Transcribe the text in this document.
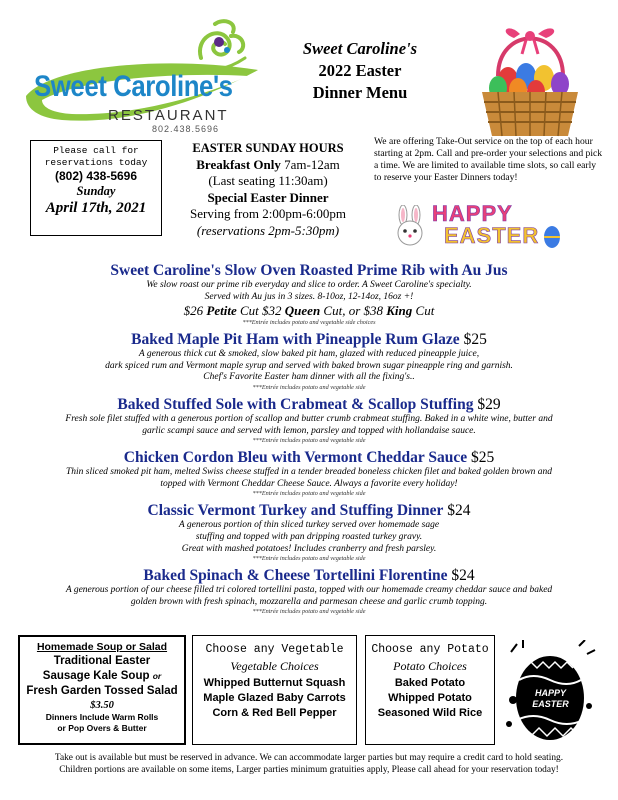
Sweet Caroline's
RESTAURANT
802.438.5696
Sweet Caroline's
2022 Easter
Dinner Menu
Please call for
reservations today
(802) 438-5696
Sunday
April 17th, 2021
EASTER SUNDAY HOURS
Breakfast Only 7am-12am
(Last seating 11:30am)
Special Easter Dinner
Serving from 2:00pm-6:00pm
(reservations 2pm-5:30pm)
We are offering Take-Out service on the top of each hour starting at 2pm. Call and pre-order your selections and pick a time. We are limited to available time slots, so call early to reserve your Easter Dinners today!
HAPPY
EASTER
Sweet Caroline's Slow Oven Roasted Prime Rib with Au Jus
We slow roast our prime rib everyday and slice to order. A Sweet Caroline's specialty.
Served with Au jus in 3 sizes. 8-10oz, 12-14oz, 16oz +!
$26 Petite Cut $32 Queen Cut, or $38 King Cut
***Entrée includes potato and vegetable side choices
Baked Maple Pit Ham with Pineapple Rum Glaze $25
A generous thick cut & smoked, slow baked pit ham, glazed with reduced pineapple juice,
dark spiced rum and Vermont maple syrup and served with baked brown sugar pineapple ring and garnish.
Chef's Favorite Easter ham dinner with all the fixing's..
***Entrée includes potato and vegetable side
Baked Stuffed Sole with Crabmeat & Scallop Stuffing $29
Fresh sole filet stuffed with a generous portion of scallop and butter crumb crabmeat stuffing. Baked in a white wine, butter and
garlic scampi sauce and served with lemon, parsley and topped with hollandaise sauce.
***Entrée includes potato and vegetable side
Chicken Cordon Bleu with Vermont Cheddar Sauce $25
Thin sliced smoked pit ham, melted Swiss cheese stuffed in a tender breaded boneless chicken filet and baked golden brown and
topped with Vermont Cheddar Cheese Sauce. Always a favorite every holiday!
***Entrée includes potato and vegetable side
Classic Vermont Turkey and Stuffing Dinner $24
A generous portion of thin sliced turkey served over homemade sage
stuffing and topped with pan dripping roasted turkey gravy.
Great with mashed potatoes! Includes cranberry and fresh parsley.
***Entrée includes potato and vegetable side
Baked Spinach & Cheese Tortellini Florentine $24
A generous portion of our cheese filled tri colored tortellini pasta, topped with our homemade creamy cheddar sauce and baked
golden brown with fresh spinach, mozzarella and parmesan cheese and garlic crumb topping.
***Entrée includes potato and vegetable side
Homemade Soup or Salad
Traditional Easter
Sausage Kale Soup or
Fresh Garden Tossed Salad
$3.50
Dinners Include Warm Rolls
or Pop Overs & Butter
Choose any Vegetable
Vegetable Choices
Whipped Butternut Squash
Maple Glazed Baby Carrots
Corn & Red Bell Pepper
Choose any Potato
Potato Choices
Baked Potato
Whipped Potato
Seasoned Wild Rice
HAPPY
EASTER
Take out is available but must be reserved in advance. We can accommodate larger parties but may require a credit card to hold seating.
Children portions are available on some items, Larger parties minimum gratuities apply, Please call ahead for your reservation today!
